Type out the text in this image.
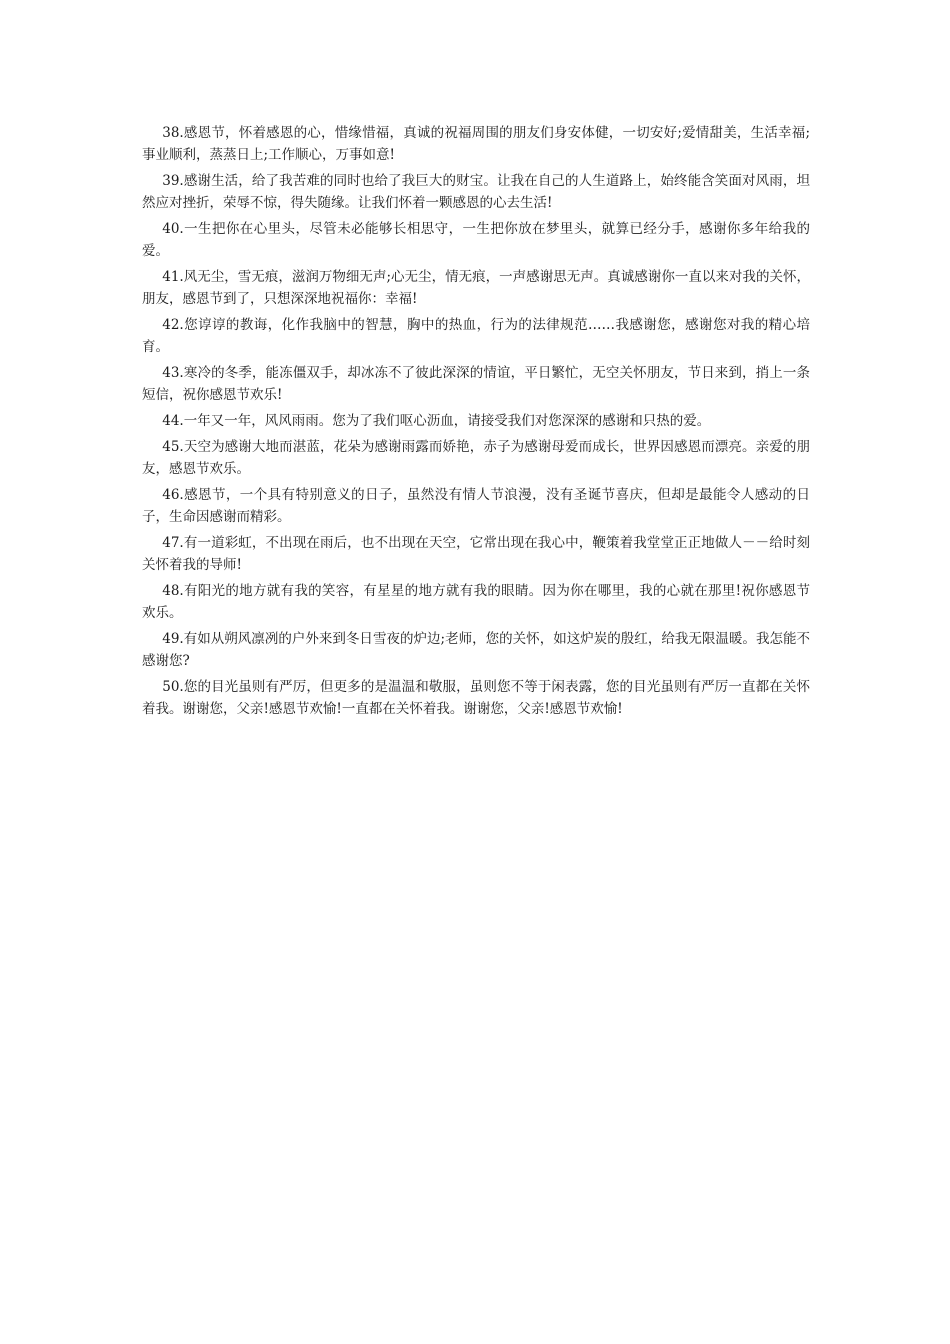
38.感恩节，怀着感恩的心，惜缘惜福，真诚的祝福周围的朋友们身安体健，一切安好;爱情甜美，生活幸福;事业顺利，蒸蒸日上;工作顺心，万事如意!

39.感谢生活，给了我苦难的同时也给了我巨大的财宝。让我在自己的人生道路上，始终能含笑面对风雨，坦然应对挫折，荣辱不惊，得失随缘。让我们怀着一颗感恩的心去生活!

40.一生把你在心里头，尽管未必能够长相思守，一生把你放在梦里头，就算已经分手，感谢你多年给我的爱。

41.风无尘，雪无痕，滋润万物细无声;心无尘，情无痕，一声感谢思无声。真诚感谢你一直以来对我的关怀，朋友，感恩节到了，只想深深地祝福你：幸福!

42.您谆谆的教诲，化作我脑中的智慧，胸中的热血，行为的法律规范……我感谢您，感谢您对我的精心培育。

43.寒冷的冬季，能冻僵双手，却冰冻不了彼此深深的情谊，平日繁忙，无空关怀朋友，节日来到，捎上一条短信，祝你感恩节欢乐!

44.一年又一年，风风雨雨。您为了我们呕心沥血，请接受我们对您深深的感谢和只热的爱。

45.天空为感谢大地而湛蓝，花朵为感谢雨露而娇艳，赤子为感谢母爱而成长，世界因感恩而漂亮。亲爱的朋友，感恩节欢乐。

46.感恩节，一个具有特别意义的日子，虽然没有情人节浪漫，没有圣诞节喜庆，但却是最能令人感动的日子，生命因感谢而精彩。

47.有一道彩虹，不出现在雨后，也不出现在天空，它常出现在我心中，鞭策着我堂堂正正地做人－－给时刻关怀着我的导师!

48.有阳光的地方就有我的笑容，有星星的地方就有我的眼睛。因为你在哪里，我的心就在那里!祝你感恩节欢乐。

49.有如从朔风凛冽的户外来到冬日雪夜的炉边;老师，您的关怀，如这炉炭的殷红，给我无限温暖。我怎能不感谢您?

50.您的目光虽则有严厉，但更多的是温温和敬服，虽则您不等于闲表露，您的目光虽则有严厉一直都在关怀着我。谢谢您，父亲!感恩节欢愉!一直都在关怀着我。谢谢您，父亲!感恩节欢愉!
